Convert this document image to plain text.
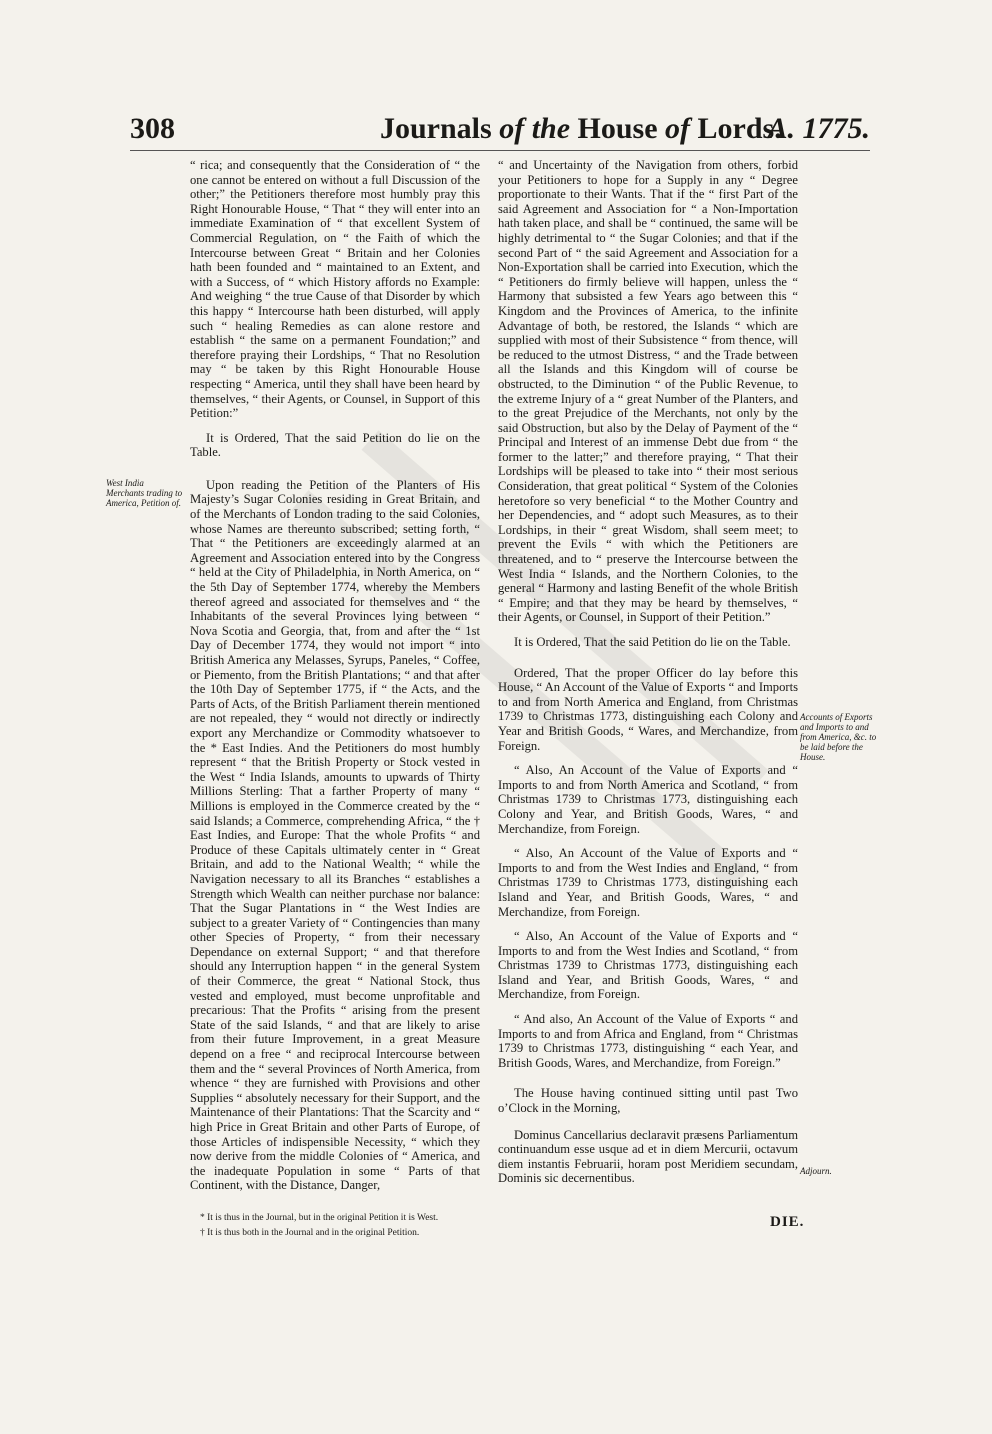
308	Journals of the House of Lords.
A. 1775.

“ rica; and consequently that the Consideration of “ the one cannot be entered on without a full Discussion of the other;” the Petitioners therefore most humbly pray this Right Honourable House, “ That “ they will enter into an immediate Examination of “ that excellent System of Commercial Regulation, on “ the Faith of which the Intercourse between Great “ Britain and her Colonies hath been founded and “ maintained to an Extent, and with a Success, of “ which History affords no Example: And weighing “ the true Cause of that Disorder by which this happy “ Intercourse hath been disturbed, will apply such “ healing Remedies as can alone restore and establish “ the same on a permanent Foundation;” and therefore praying their Lordships, “ That no Resolution may “ be taken by this Right Honourable House respecting “ America, until they shall have been heard by themselves, “ their Agents, or Counsel, in Support of this Petition:”

It is Ordered, That the said Petition do lie on the Table.

Upon reading the Petition of the Planters of His Majesty’s Sugar Colonies residing in Great Britain, and of the Merchants of London trading to the said Colonies, whose Names are thereunto subscribed; setting forth, “ That “ the Petitioners are exceedingly alarmed at an Agreement and Association entered into by the Congress “ held at the City of Philadelphia, in North America, on “ the 5th Day of September 1774, whereby the Members thereof agreed and associated for themselves and “ the Inhabitants of the several Provinces lying between “ Nova Scotia and Georgia, that, from and after the “ 1st Day of December 1774, they would not import “ into British America any Melasses, Syrups, Paneles, “ Coffee, or Piemento, from the British Plantations; “ and that after the 10th Day of September 1775, if “ the Acts, and the Parts of Acts, of the British Parliament therein mentioned are not repealed, they “ would not directly or indirectly export any Merchandize or Commodity whatsoever to the * East Indies. And the Petitioners do most humbly represent “ that the British Property or Stock vested in the West “ India Islands, amounts to upwards of Thirty Millions Sterling: That a farther Property of many “ Millions is employed in the Commerce created by the “ said Islands; a Commerce, comprehending Africa, “ the † East Indies, and Europe: That the whole Profits “ and Produce of these Capitals ultimately center in “ Great Britain, and add to the National Wealth; “ while the Navigation necessary to all its Branches “ establishes a Strength which Wealth can neither purchase nor balance: That the Sugar Plantations in “ the West Indies are subject to a greater Variety of “ Contingencies than many other Species of Property, “ from their necessary Dependance on external Support; “ and that therefore should any Interruption happen “ in the general System of their Commerce, the great “ National Stock, thus vested and employed, must become unprofitable and precarious: That the Profits “ arising from the present State of the said Islands, “ and that are likely to arise from their future Improvement, in a great Measure depend on a free “ and reciprocal Intercourse between them and the “ several Provinces of North America, from whence “ they are furnished with Provisions and other Supplies “ absolutely necessary for their Support, and the Maintenance of their Plantations: That the Scarcity and “ high Price in Great Britain and other Parts of Europe, of those Articles of indispensible Necessity, “ which they now derive from the middle Colonies of “ America, and the inadequate Population in some “ Parts of that Continent, with the Distance, Danger,

“ and Uncertainty of the Navigation from others, forbid your Petitioners to hope for a Supply in any “ Degree proportionate to their Wants. That if the “ first Part of the said Agreement and Association for “ a Non-Importation hath taken place, and shall be “ continued, the same will be highly detrimental to “ the Sugar Colonies; and that if the second Part of “ the said Agreement and Association for a Non-Exportation shall be carried into Execution, which the “ Petitioners do firmly believe will happen, unless the “ Harmony that subsisted a few Years ago between this “ Kingdom and the Provinces of America, to the infinite Advantage of both, be restored, the Islands “ which are supplied with most of their Subsistence “ from thence, will be reduced to the utmost Distress, “ and the Trade between all the Islands and this Kingdom will of course be obstructed, to the Diminution “ of the Public Revenue, to the extreme Injury of a “ great Number of the Planters, and to the great Prejudice of the Merchants, not only by the said Obstruction, but also by the Delay of Payment of the “ Principal and Interest of an immense Debt due from “ the former to the latter;” and therefore praying, “ That their Lordships will be pleased to take into “ their most serious Consideration, that great political “ System of the Colonies heretofore so very beneficial “ to the Mother Country and her Dependencies, and “ adopt such Measures, as to their Lordships, in their “ great Wisdom, shall seem meet; to prevent the Evils “ with which the Petitioners are threatened, and to “ preserve the Intercourse between the West India “ Islands, and the Northern Colonies, to the general “ Harmony and lasting Benefit of the whole British “ Empire; and that they may be heard by themselves, “ their Agents, or Counsel, in Support of their Petition.”

It is Ordered, That the said Petition do lie on the Table.

Ordered, That the proper Officer do lay before this House, “ An Account of the Value of Exports “ and Imports to and from North America and England, from Christmas 1739 to Christmas 1773, distinguishing each Colony and Year and British Goods, “ Wares, and Merchandize, from Foreign.

“ Also, An Account of the Value of Exports and “ Imports to and from North America and Scotland, “ from Christmas 1739 to Christmas 1773, distinguishing each Colony and Year, and British Goods, Wares, “ and Merchandize, from Foreign.

“ Also, An Account of the Value of Exports and “ Imports to and from the West Indies and England, “ from Christmas 1739 to Christmas 1773, distinguishing each Island and Year, and British Goods, Wares, “ and Merchandize, from Foreign.

“ Also, An Account of the Value of Exports and “ Imports to and from the West Indies and Scotland, “ from Christmas 1739 to Christmas 1773, distinguishing each Island and Year, and British Goods, Wares, “ and Merchandize, from Foreign.

“ And also, An Account of the Value of Exports “ and Imports to and from Africa and England, from “ Christmas 1739 to Christmas 1773, distinguishing “ each Year, and British Goods, Wares, and Merchandize, from Foreign.”

The House having continued sitting until past Two o’Clock in the Morning,

Dominus Cancellarius declaravit præsens Parliamentum continuandum esse usque ad et in diem Mercurii, octavum diem instantis Februarii, horam post Meridiem secundam, Dominis sic decernentibus.

West India Merchants trading to America, Petition of.
Accounts of Exports and Imports to and from America, &c. to be laid before the House.
Adjourn.

* It is thus in the Journal, but in the original Petition it is West.

† It is thus both in the Journal and in the original Petition.

DIE.
